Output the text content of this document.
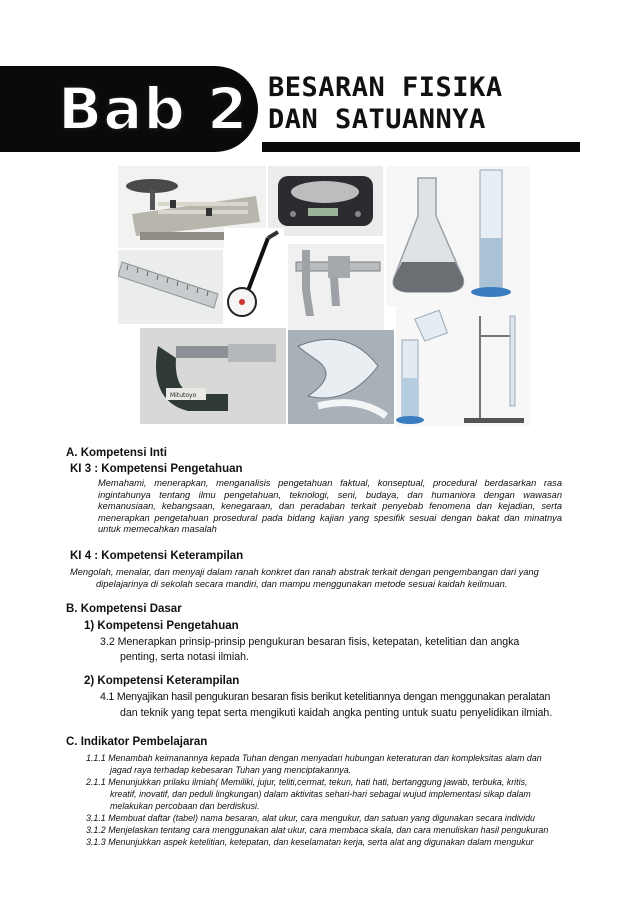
Bab 2 BESARAN FISIKA
DAN SATUANNYA
Mitutoyo
A. Kompetensi Inti
KI 3 : Kompetensi Pengetahuan
Memahami, menerapkan, menganalisis pengetahuan faktual, konseptual, procedural berdasarkan rasa ingintahunya tentang ilmu pengetahuan, teknologi, seni, budaya, dan humaniora dengan wawasan kemanusiaan, kebangsaan, kenegaraan, dan peradaban terkait penyebab fenomena dan kejadian, serta menerapkan pengetahuan prosedural pada bidang kajian yang spesifik sesuai dengan bakat dan minatnya untuk memecahkan masalah
KI 4 : Kompetensi Keterampilan
Mengolah, menalar, dan menyaji dalam ranah konkret dan ranah abstrak terkait dengan pengembangan dari yang
dipelajarinya di sekolah secara mandiri, dan mampu menggunakan metode sesuai kaidah keilmuan.
B. Kompetensi Dasar
1) Kompetensi Pengetahuan
3.2 Menerapkan prinsip-prinsip pengukuran besaran fisis, ketepatan, ketelitian dan angka
penting, serta notasi ilmiah.
2) Kompetensi Keterampilan
4.1 Menyajikan hasil pengukuran besaran fisis berikut ketelitiannya dengan menggunakan peralatan
dan teknik yang tepat serta mengikuti kaidah angka penting untuk suatu penyelidikan ilmiah.
C. Indikator Pembelajaran
1.1.1 Menambah keimanannya kepada Tuhan dengan menyadari hubungan keteraturan dan kompleksitas alam dan
jagad raya terhadap kebesaran Tuhan yang menciptakannya.
2.1.1 Menunjukkan prilaku ilmiah( Memiliki, jujur, teliti,cermat, tekun, hati hati, bertanggung jawab, terbuka, kritis,
kreatif, inovatif, dan peduli lingkungan) dalam aktivitas sehari-hari sebagai wujud implementasi sikap dalam
melakukan percobaan dan berdiskusi.
3.1.1 Membuat daftar (tabel) nama besaran, alat ukur, cara mengukur, dan satuan yang digunakan secara individu
3.1.2 Menjelaskan tentang cara menggunakan alat ukur, cara membaca skala, dan cara menuliskan hasil pengukuran
3.1.3 Menunjukkan aspek ketelitian, ketepatan, dan keselamatan kerja, serta alat ang digunakan dalam mengukur
